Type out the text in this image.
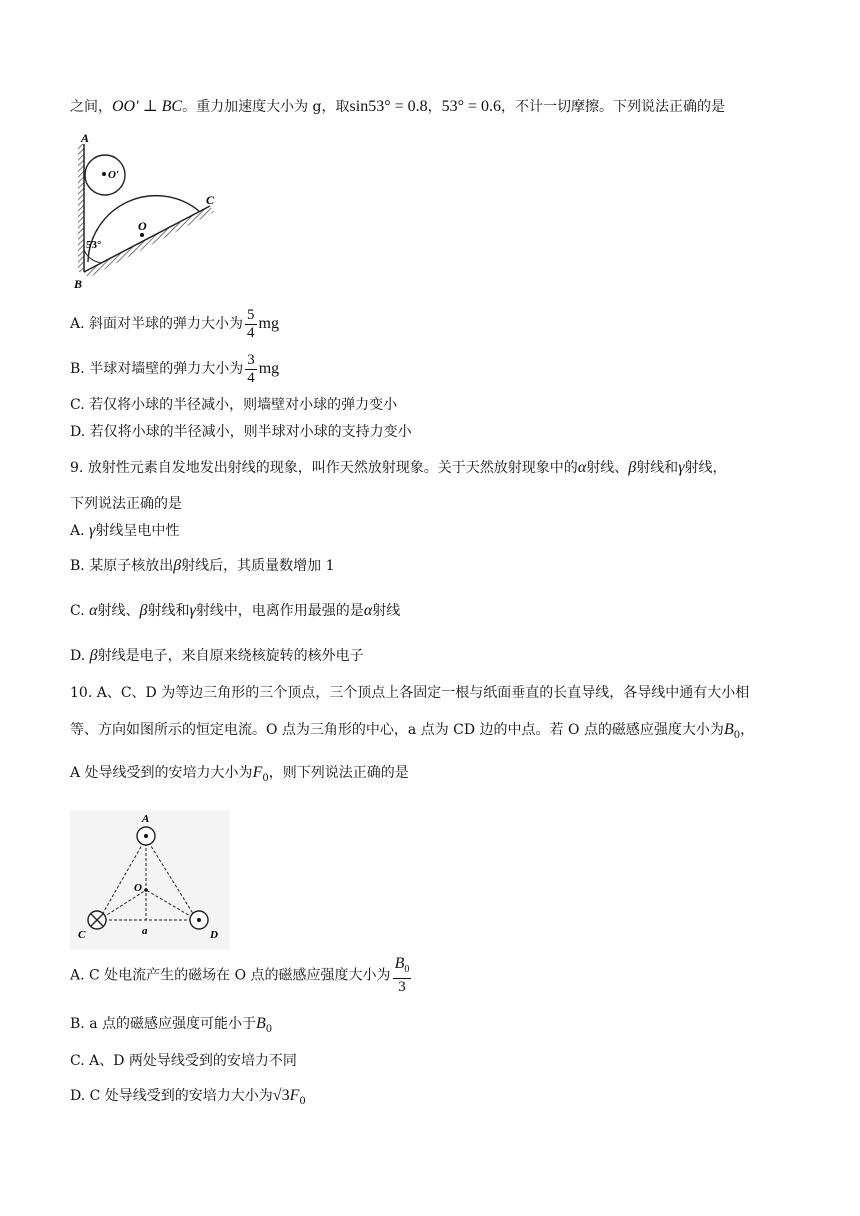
之间，OO′ ⊥ BC。重力加速度大小为 g，取sin53° = 0.8，53° = 0.6，不计一切摩擦。下列说法正确的是
A
B
C
O
O′
53°
A. 斜面对半球的弹力大小为 $\frac{5}{4}$ mg
B. 半球对墙壁的弹力大小为 $\frac{3}{4}$ mg
C. 若仅将小球的半径减小，则墙壁对小球的弹力变小
D. 若仅将小球的半径减小，则半球对小球的支持力变小
9. 放射性元素自发地发出射线的现象，叫作天然放射现象。关于天然放射现象中的α射线、β射线和γ射线，
下列说法正确的是
A. γ射线呈电中性
B. 某原子核放出β射线后，其质量数增加 1
C. α射线、β射线和γ射线中，电离作用最强的是α射线
D. β射线是电子，来自原来绕核旋转的核外电子
10. A、C、D 为等边三角形的三个顶点，三个顶点上各固定一根与纸面垂直的长直导线，各导线中通有大小相
等、方向如图所示的恒定电流。O 点为三角形的中心，a 点为 CD 边的中点。若 O 点的磁感应强度大小为$B_0$，
A 处导线受到的安培力大小为$F_0$，则下列说法正确的是
A
C	D
O
a
A. C 处电流产生的磁场在 O 点的磁感应强度大小为 $\frac{B_0}{3}$
B. a 点的磁感应强度可能小于$B_0$
C. A、D 两处导线受到的安培力不同
D. C 处导线受到的安培力大小为$√3F_0$
